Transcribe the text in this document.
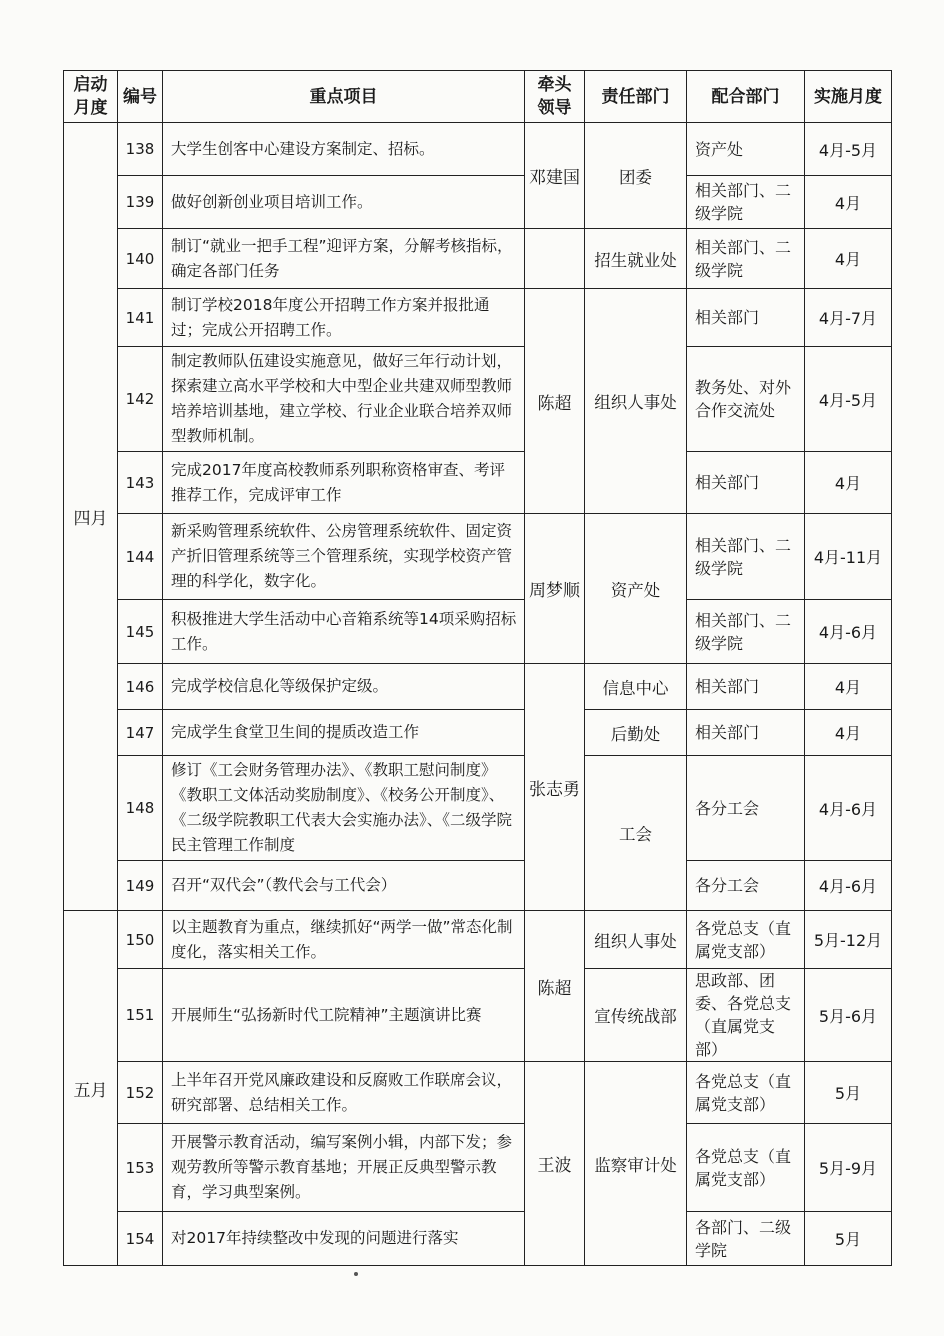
启动月度	编号	重点项目	牵头领导	责任部门	配合部门	实施月度
四月	138	大学生创客中心建设方案制定、招标。	邓建国	团委	资产处	4月-5月
	139	做好创新创业项目培训工作。			相关部门、二级学院	4月
	140	制订“就业一把手工程”迎评方案，分解考核指标，确定各部门任务		招生就业处	相关部门、二级学院	4月
	141	制订学校2018年度公开招聘工作方案并报批通过；完成公开招聘工作。	陈超	组织人事处	相关部门	4月-7月
	142	制定教师队伍建设实施意见，做好三年行动计划，探索建立高水平学校和大中型企业共建双师型教师培养培训基地，建立学校、行业企业联合培养双师型教师机制。			教务处、对外合作交流处	4月-5月
	143	完成2017年度高校教师系列职称资格审查、考评推荐工作，完成评审工作			相关部门	4月
	144	新采购管理系统软件、公房管理系统软件、固定资产折旧管理系统等三个管理系统，实现学校资产管理的科学化，数字化。	周梦顺	资产处	相关部门、二级学院	4月-11月
	145	积极推进大学生活动中心音箱系统等14项采购招标工作。			相关部门、二级学院	4月-6月
	146	完成学校信息化等级保护定级。	张志勇	信息中心	相关部门	4月
	147	完成学生食堂卫生间的提质改造工作		后勤处	相关部门	4月
	148	修订《工会财务管理办法》、《教职工慰问制度》《教职工文体活动奖励制度》、《校务公开制度》、《二级学院教职工代表大会实施办法》、《二级学院民主管理工作制度		工会	各分工会	4月-6月
	149	召开“双代会”（教代会与工代会）			各分工会	4月-6月
五月	150	以主题教育为重点，继续抓好“两学一做”常态化制度化，落实相关工作。	陈超	组织人事处	各党总支（直属党支部）	5月-12月
	151	开展师生“弘扬新时代工院精神”主题演讲比赛		宣传统战部	思政部、团委、各党总支（直属党支部）	5月-6月
	152	上半年召开党风廉政建设和反腐败工作联席会议，研究部署、总结相关工作。	王波	监察审计处	各党总支（直属党支部）	5月
	153	开展警示教育活动，编写案例小辑，内部下发；参观劳教所等警示教育基地；开展正反典型警示教育，学习典型案例。			各党总支（直属党支部）	5月-9月
	154	对2017年持续整改中发现的问题进行落实			各部门、二级学院	5月
